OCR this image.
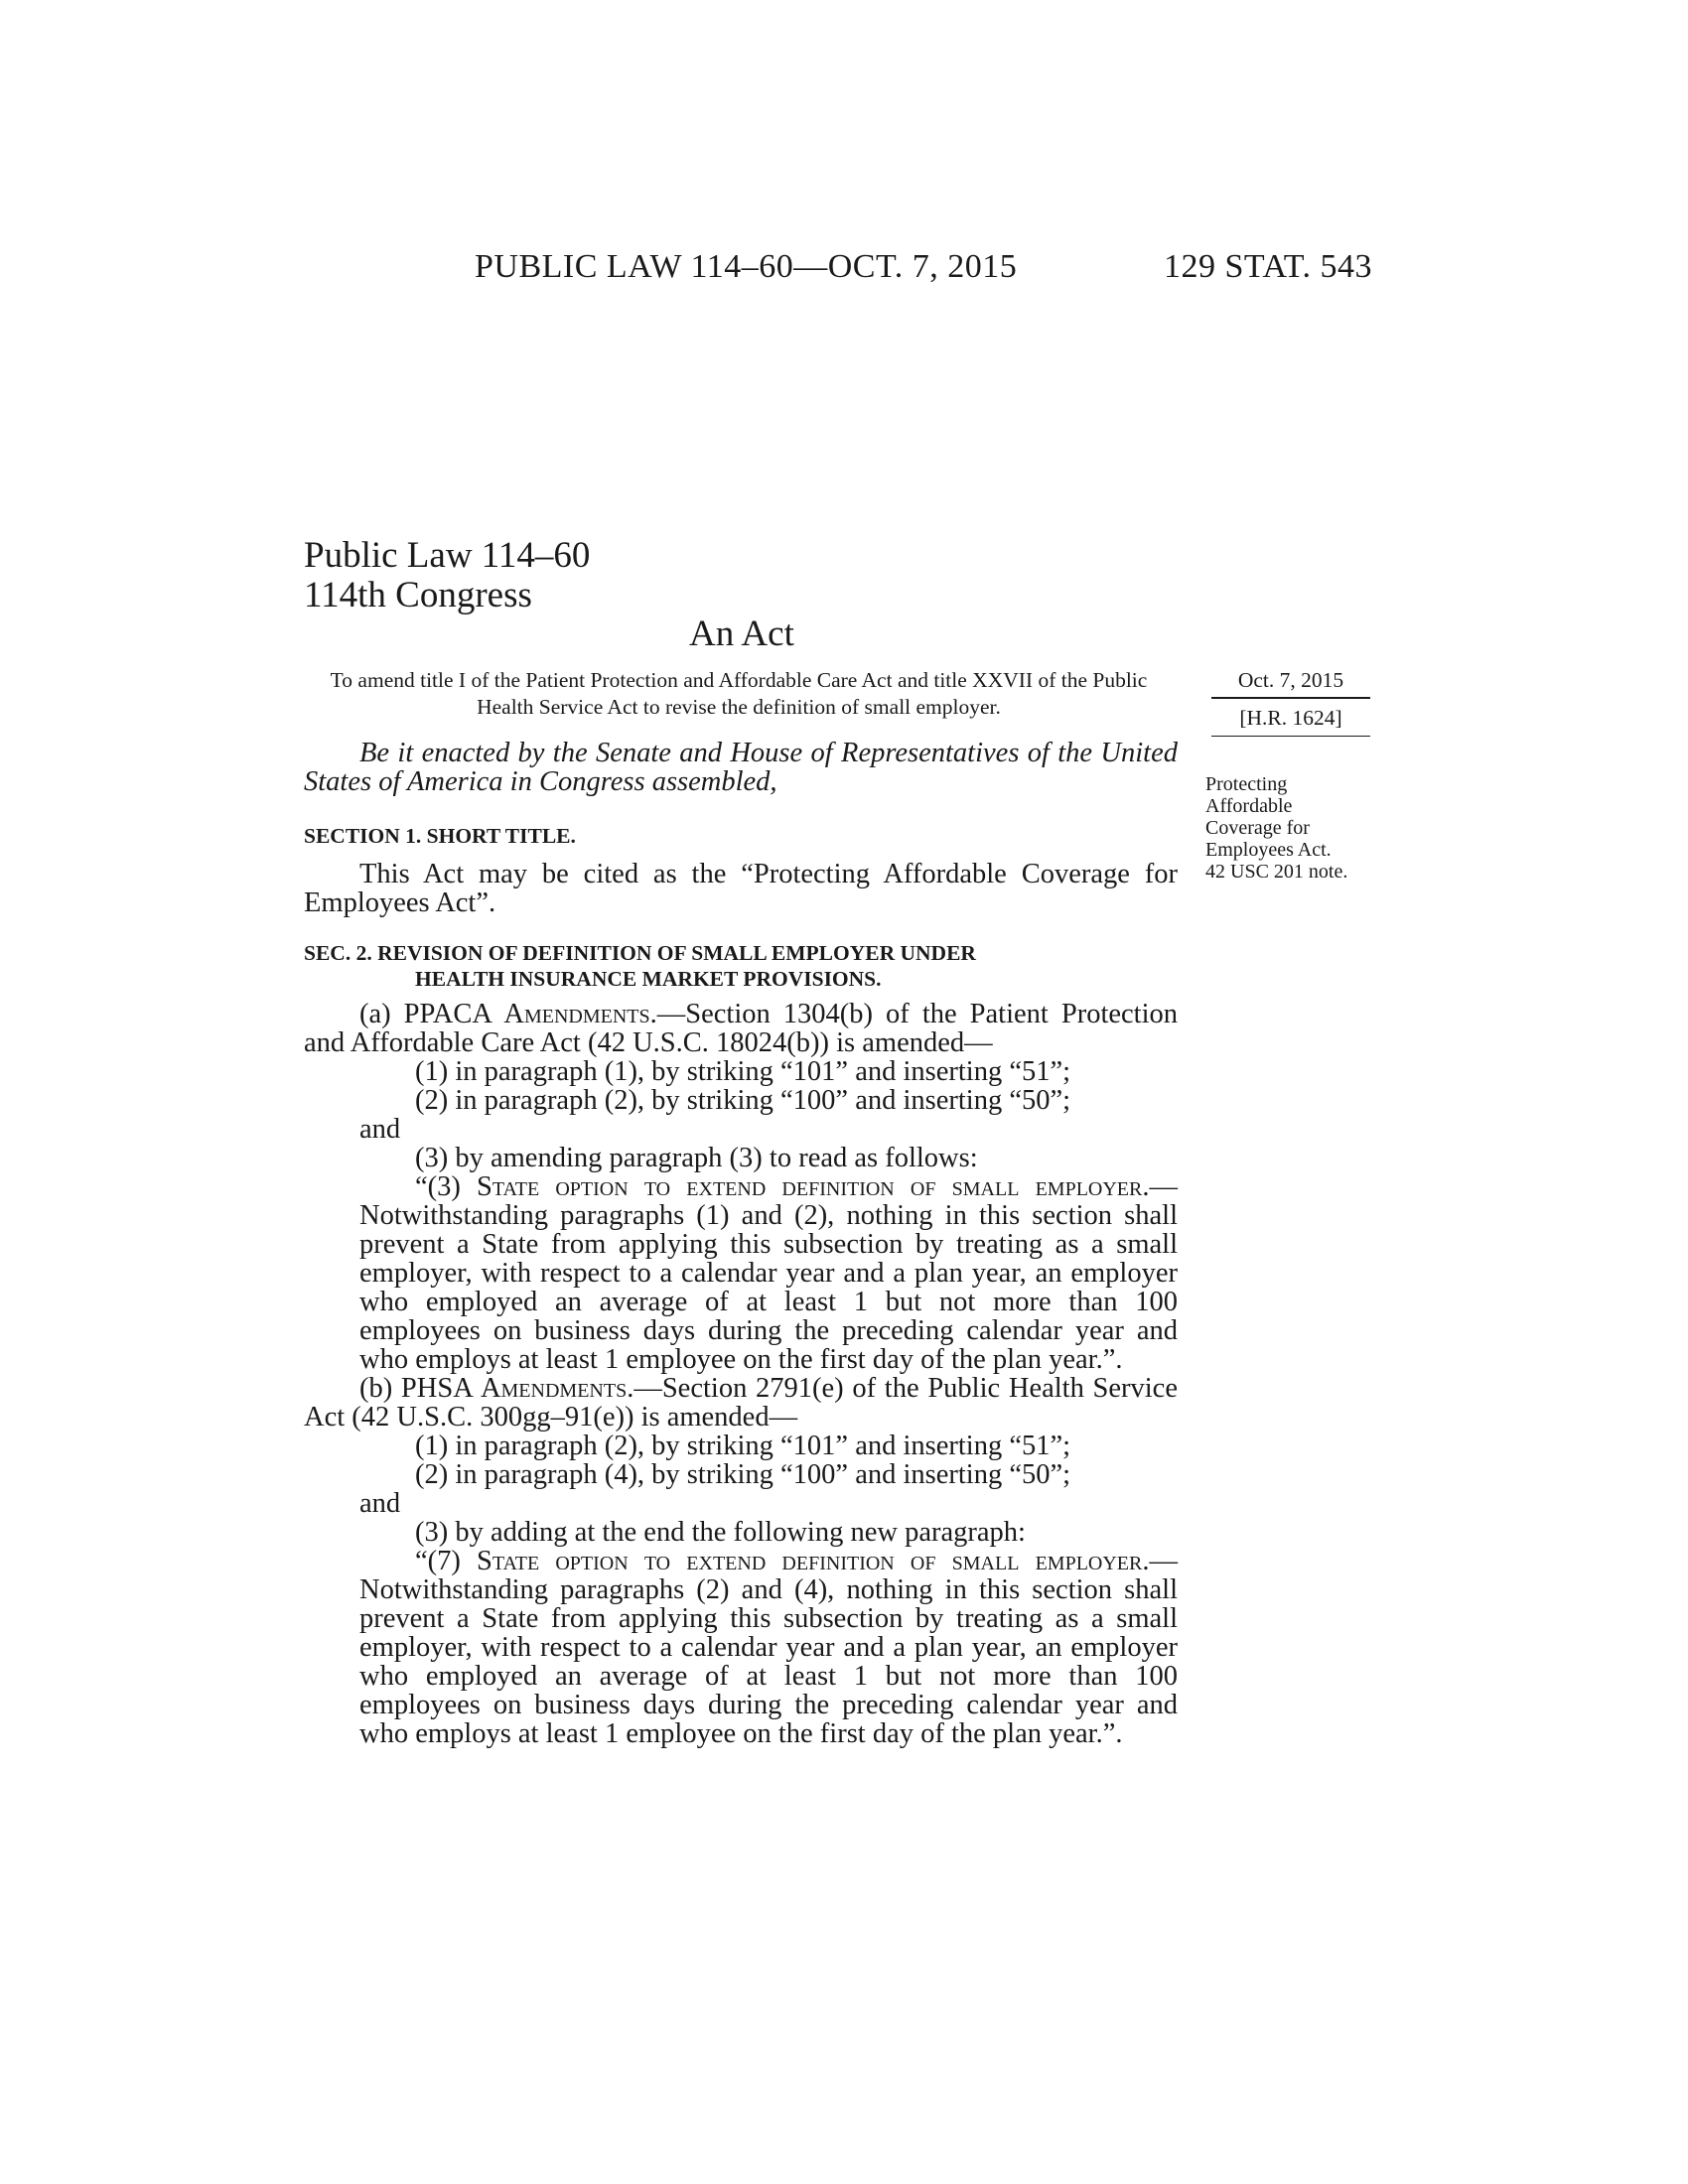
PUBLIC LAW 114–60—OCT. 7, 2015	129 STAT. 543
Public Law 114–60
114th Congress
An Act
To amend title I of the Patient Protection and Affordable Care Act and title XXVII of the Public Health Service Act to revise the definition of small employer.
Oct. 7, 2015
[H.R. 1624]
Protecting
Affordable
Coverage for
Employees Act.
42 USC 201 note.

Be it enacted by the Senate and House of Representatives of the United States of America in Congress assembled,

SECTION 1. SHORT TITLE.

This Act may be cited as the “Protecting Affordable Coverage for Employees Act”.

SEC. 2. REVISION OF DEFINITION OF SMALL EMPLOYER UNDER
HEALTH INSURANCE MARKET PROVISIONS.

(a) PPACA Amendments.—Section 1304(b) of the Patient Protection and Affordable Care Act (42 U.S.C. 18024(b)) is amended—

(1) in paragraph (1), by striking “101” and inserting “51”;

(2) in paragraph (2), by striking “100” and inserting “50”;

and

(3) by amending paragraph (3) to read as follows:

“(3) State option to extend definition of small employer.—Notwithstanding paragraphs (1) and (2), nothing in this section shall prevent a State from applying this subsection by treating as a small employer, with respect to a calendar year and a plan year, an employer who employed an average of at least 1 but not more than 100 employees on business days during the preceding calendar year and who employs at least 1 employee on the first day of the plan year.”.

(b) PHSA Amendments.—Section 2791(e) of the Public Health Service Act (42 U.S.C. 300gg–91(e)) is amended—

(1) in paragraph (2), by striking “101” and inserting “51”;

(2) in paragraph (4), by striking “100” and inserting “50”;

and

(3) by adding at the end the following new paragraph:

“(7) State option to extend definition of small employer.—Notwithstanding paragraphs (2) and (4), nothing in this section shall prevent a State from applying this subsection by treating as a small employer, with respect to a calendar year and a plan year, an employer who employed an average of at least 1 but not more than 100 employees on business days during the preceding calendar year and who employs at least 1 employee on the first day of the plan year.”.
